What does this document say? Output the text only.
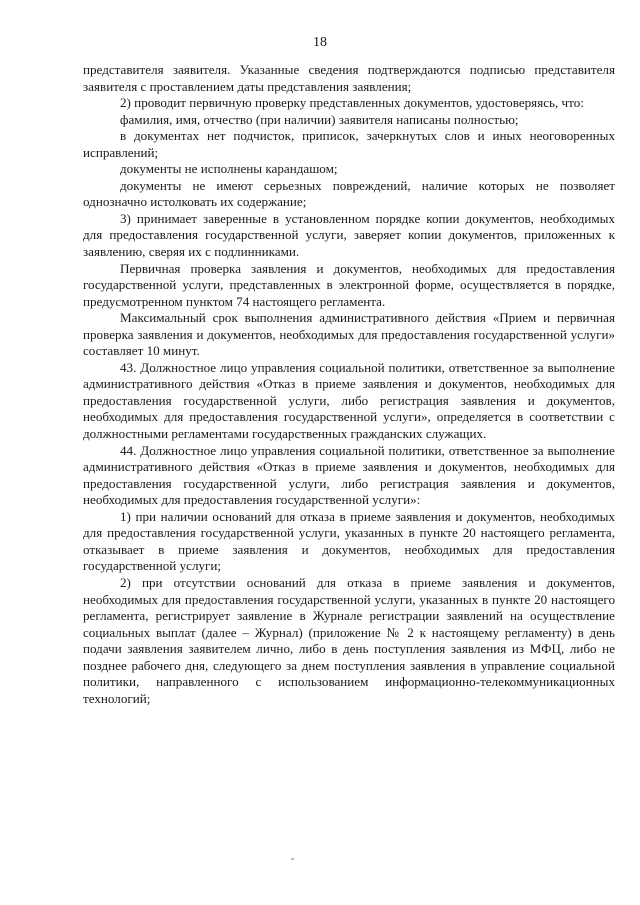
18

представителя заявителя. Указанные сведения подтверждаются подписью представителя заявителя с проставлением даты представления заявления;

2) проводит первичную проверку представленных документов, удостоверяясь, что:

фамилия, имя, отчество (при наличии) заявителя написаны полностью;

в документах нет подчисток, приписок, зачеркнутых слов и иных неоговоренных исправлений;

документы не исполнены карандашом;

документы не имеют серьезных повреждений, наличие которых не позволяет однозначно истолковать их содержание;

3) принимает заверенные в установленном порядке копии документов, необходимых для предоставления государственной услуги, заверяет копии документов, приложенных к заявлению, сверяя их с подлинниками.

Первичная проверка заявления и документов, необходимых для предоставления государственной услуги, представленных в электронной форме, осуществляется в порядке, предусмотренном пунктом 74 настоящего регламента.

Максимальный срок выполнения административного действия «Прием и первичная проверка заявления и документов, необходимых для предоставления государственной услуги» составляет 10 минут.

43. Должностное лицо управления социальной политики, ответственное за выполнение административного действия «Отказ в приеме заявления и документов, необходимых для предоставления государственной услуги, либо регистрация заявления и документов, необходимых для предоставления государственной услуги», определяется в соответствии с должностными регламентами государственных гражданских служащих.

44. Должностное лицо управления социальной политики, ответственное за выполнение административного действия «Отказ в приеме заявления и документов, необходимых для предоставления государственной услуги, либо регистрация заявления и документов, необходимых для предоставления государственной услуги»:

1) при наличии оснований для отказа в приеме заявления и документов, необходимых для предоставления государственной услуги, указанных в пункте 20 настоящего регламента, отказывает в приеме заявления и документов, необходимых для предоставления государственной услуги;

2) при отсутствии оснований для отказа в приеме заявления и документов, необходимых для предоставления государственной услуги, указанных в пункте 20 настоящего регламента, регистрирует заявление в Журнале регистрации заявлений на осуществление социальных выплат (далее – Журнал) (приложение № 2 к настоящему регламенту) в день подачи заявления заявителем лично, либо в день поступления заявления из МФЦ, либо не позднее рабочего дня, следующего за днем поступления заявления в управление социальной политики, направленного с использованием информационно-телекоммуникационных технологий;
